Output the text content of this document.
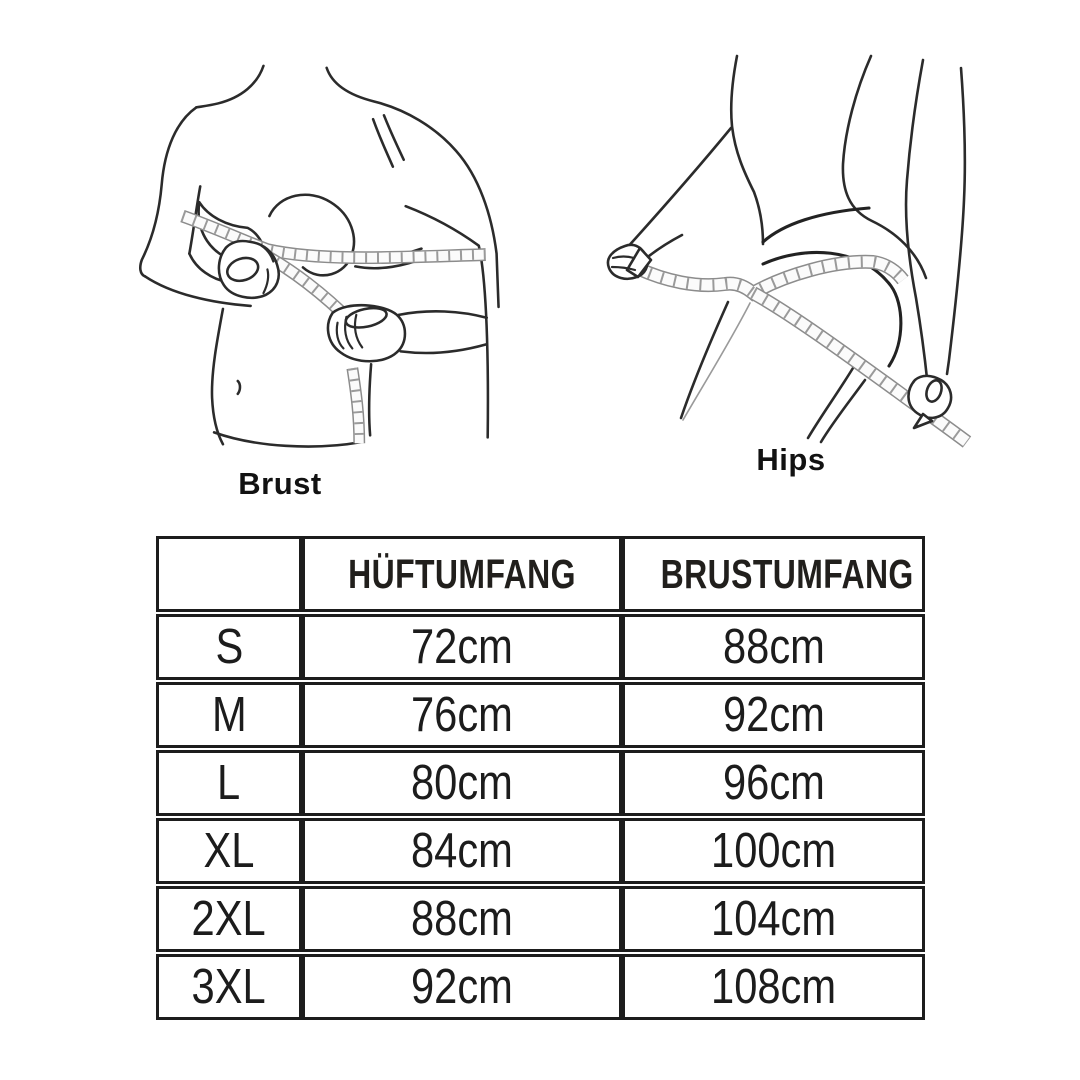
Brust
Hips
	HÜFTUMFANG	BRUSTUMFANG
S	72cm	88cm
M	76cm	92cm
L	80cm	96cm
XL	84cm	100cm
2XL	88cm	104cm
3XL	92cm	108cm
